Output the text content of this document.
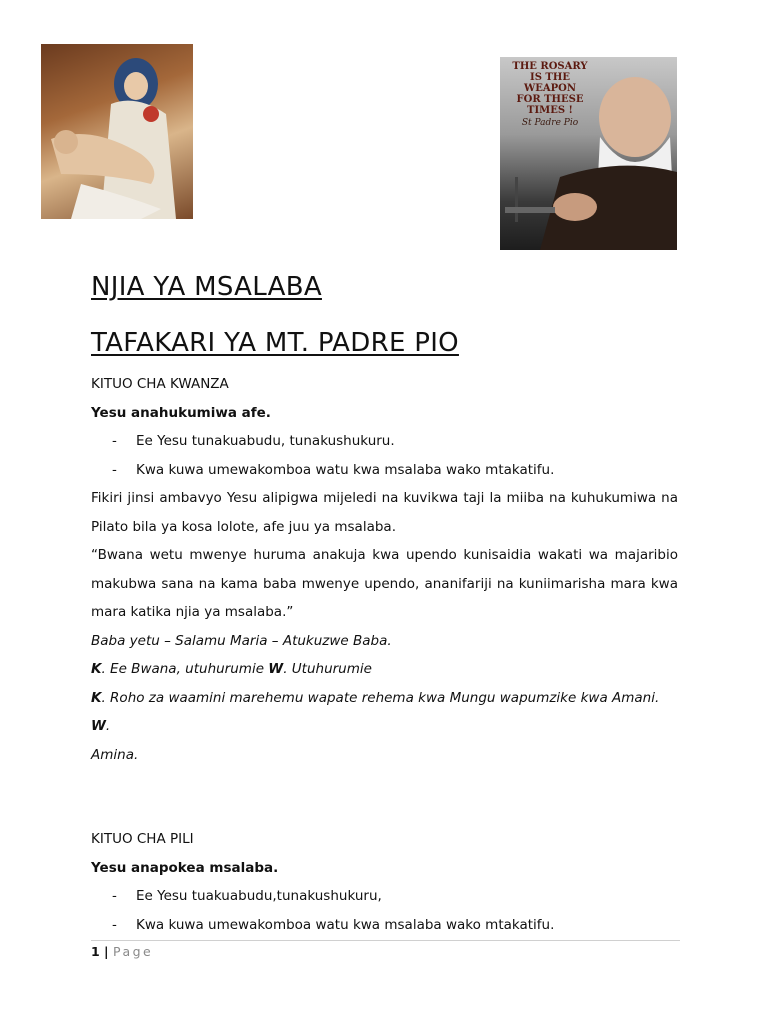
THE ROSARY
IS THE
WEAPON
FOR THESE
TIMES !
St Padre Pio
NJIA YA MSALABA
TAFAKARI YA MT. PADRE PIO
KITUO CHA KWANZA
Yesu anahukumiwa afe.
-	Ee Yesu tunakuabudu, tunakushukuru.
-	Kwa kuwa umewakomboa watu kwa msalaba wako mtakatifu.
Fikiri jinsi ambavyo Yesu alipigwa mijeledi na kuvikwa taji la miiba na kuhukumiwa na
Pilato bila ya kosa lolote, afe juu ya msalaba.
“Bwana wetu mwenye huruma anakuja kwa upendo kunisaidia wakati wa majaribio
makubwa sana na kama baba mwenye upendo, ananifariji na kuniimarisha mara kwa
mara katika njia ya msalaba.”
Baba yetu – Salamu Maria – Atukuzwe Baba.
K. Ee Bwana, utuhurumie W. Utuhurumie
K. Roho za waamini marehemu wapate rehema kwa Mungu wapumzike kwa Amani. W.
Amina.
KITUO CHA PILI
Yesu anapokea msalaba.
-	Ee Yesu tuakuabudu,tunakushukuru,
-	Kwa kuwa umewakomboa watu kwa msalaba wako mtakatifu.
1 | Page
